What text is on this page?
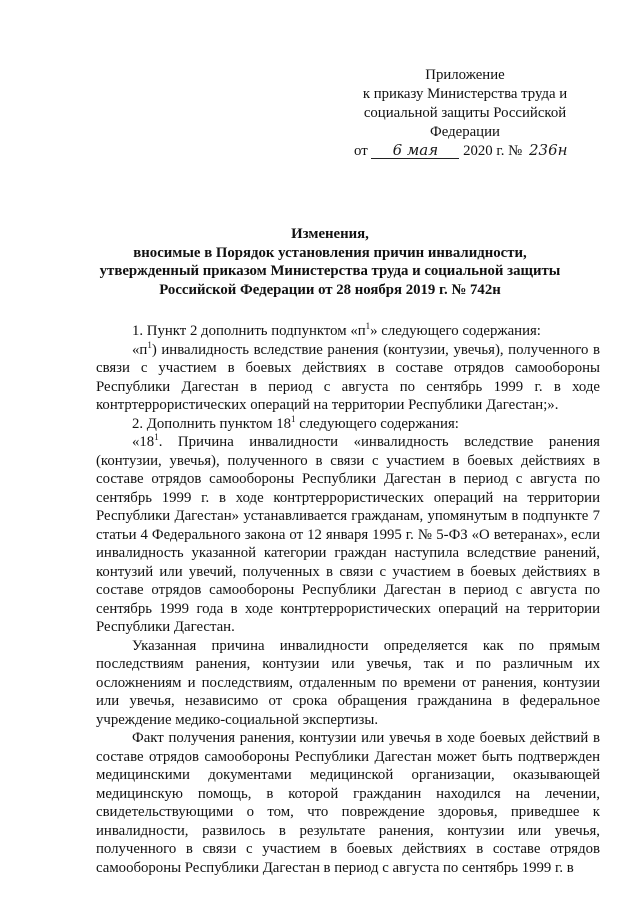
Приложение
к приказу Министерства труда и
социальной защиты Российской
Федерации
от 6 мая 2020 г. № 236н
Изменения,
вносимые в Порядок установления причин инвалидности,
утвержденный приказом Министерства труда и социальной защиты
Российской Федерации от 28 ноября 2019 г. № 742н

1. Пункт 2 дополнить подпунктом «$п^1$» следующего содержания:

«$п^1$) инвалидность вследствие ранения (контузии, увечья), полученного в связи с участием в боевых действиях в составе отрядов самообороны Республики Дагестан в период с августа по сентябрь 1999 г. в ходе контртеррористических операций на территории Республики Дагестан;».

2. Дополнить пунктом $18^1$ следующего содержания:

«$18^1$. Причина инвалидности «инвалидность вследствие ранения (контузии, увечья), полученного в связи с участием в боевых действиях в составе отрядов самообороны Республики Дагестан в период с августа по сентябрь 1999 г. в ходе контртеррористических операций на территории Республики Дагестан» устанавливается гражданам, упомянутым в подпункте 7 статьи 4 Федерального закона от 12 января 1995 г. № 5-ФЗ «О ветеранах», если инвалидность указанной категории граждан наступила вследствие ранений, контузий или увечий, полученных в связи с участием в боевых действиях в составе отрядов самообороны Республики Дагестан в период с августа по сентябрь 1999 года в ходе контртеррористических операций на территории Республики Дагестан.

Указанная причина инвалидности определяется как по прямым последствиям ранения, контузии или увечья, так и по различным их осложнениям и последствиям, отдаленным по времени от ранения, контузии или увечья, независимо от срока обращения гражданина в федеральное учреждение медико-социальной экспертизы.

Факт получения ранения, контузии или увечья в ходе боевых действий в составе отрядов самообороны Республики Дагестан может быть подтвержден медицинскими документами медицинской организации, оказывающей медицинскую помощь, в которой гражданин находился на лечении, свидетельствующими о том, что повреждение здоровья, приведшее к инвалидности, развилось в результате ранения, контузии или увечья, полученного в связи с участием в боевых действиях в составе отрядов самообороны Республики Дагестан в период с августа по сентябрь 1999 г. в
